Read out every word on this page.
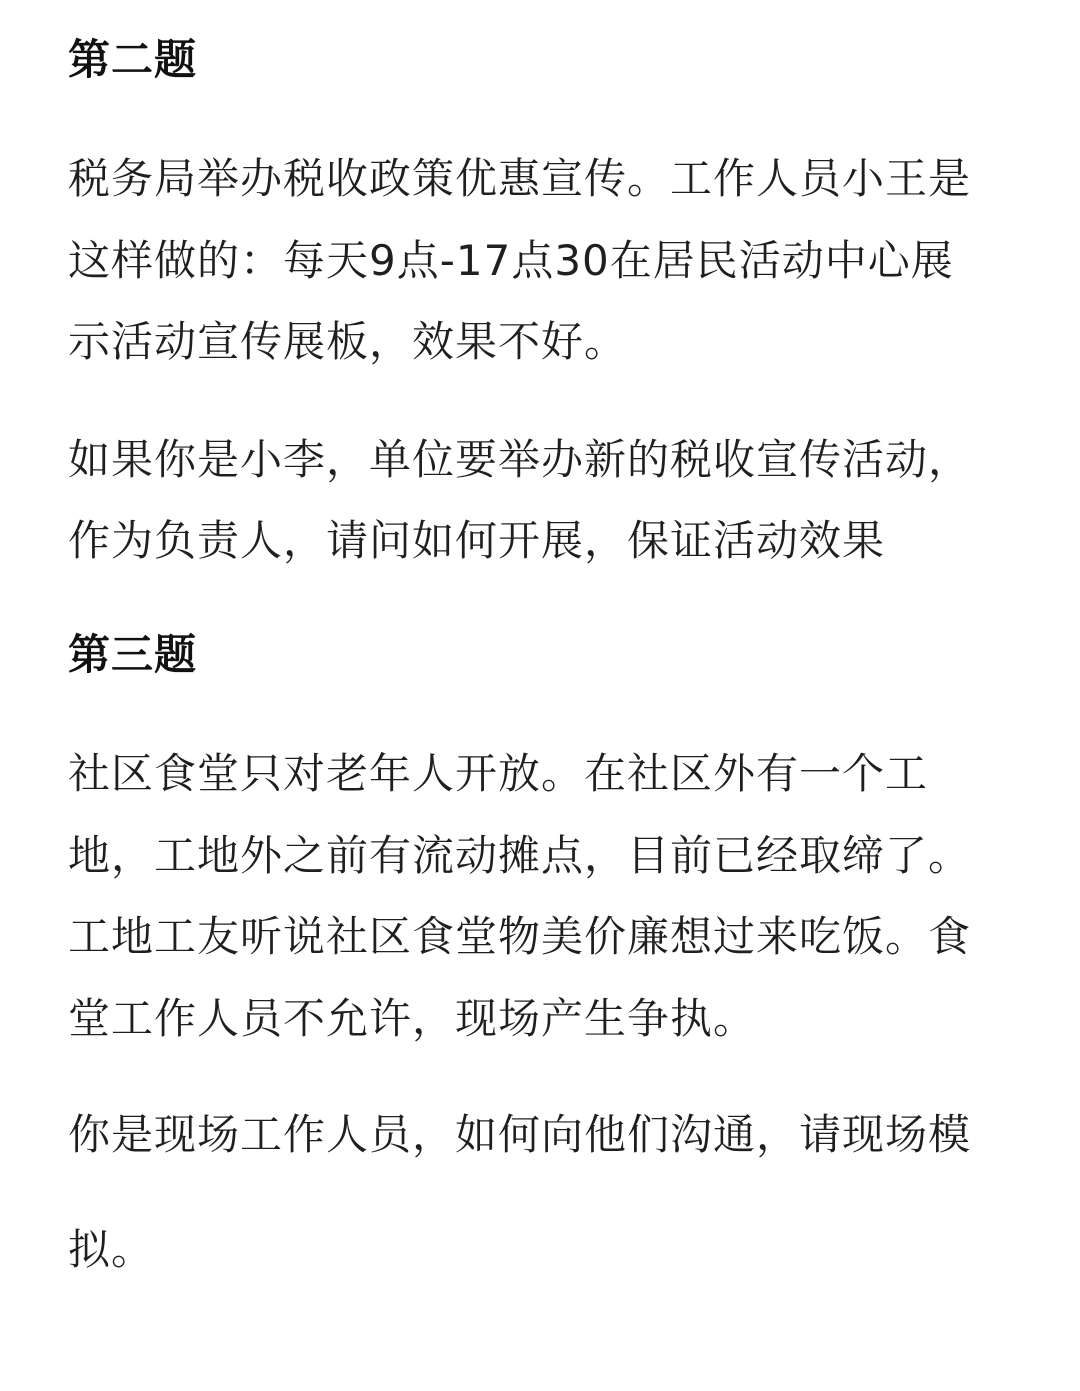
第二题

税务局举办税收政策优惠宣传。工作人员小王是

这样做的：每天9点-17点30在居民活动中心展

示活动宣传展板，效果不好。

如果你是小李，单位要举办新的税收宣传活动，

作为负责人，请问如何开展，保证活动效果

第三题

社区食堂只对老年人开放。在社区外有一个工

地，工地外之前有流动摊点，目前已经取缔了。

工地工友听说社区食堂物美价廉想过来吃饭。食

堂工作人员不允许，现场产生争执。

你是现场工作人员，如何向他们沟通，请现场模

拟。
